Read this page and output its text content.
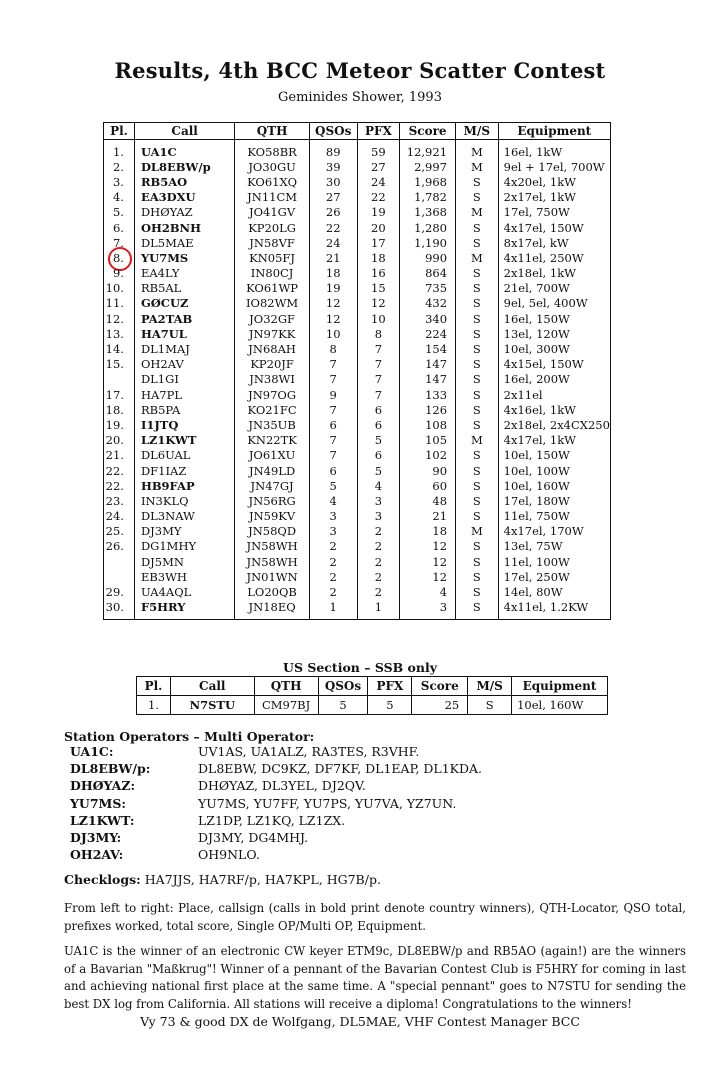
Results, 4th BCC Meteor Scatter Contest
Geminides Shower, 1993
Pl.	Call	QTH	QSOs	PFX	Score	M/S	Equipment
1.	UA1C	KO58BR	89	59	12,921	M	16el, 1kW
2.	DL8EBW/p	JO30GU	39	27	2,997	M	9el + 17el, 700W
3.	RB5AO	KO61XQ	30	24	1,968	S	4x20el, 1kW
4.	EA3DXU	JN11CM	27	22	1,782	S	2x17el, 1kW
5.	DHØYAZ	JO41GV	26	19	1,368	M	17el, 750W
6.	OH2BNH	KP20LG	22	20	1,280	S	4x17el, 150W
7.	DL5MAE	JN58VF	24	17	1,190	S	8x17el, kW
8.	YU7MS	KN05FJ	21	18	990	M	4x11el, 250W
9.	EA4LY	IN80CJ	18	16	864	S	2x18el, 1kW
10.	RB5AL	KO61WP	19	15	735	S	21el, 700W
11.	GØCUZ	IO82WM	12	12	432	S	9el, 5el, 400W
12.	PA2TAB	JO32GF	12	10	340	S	16el, 150W
13.	HA7UL	JN97KK	10	8	224	S	13el, 120W
14.	DL1MAJ	JN68AH	8	7	154	S	10el, 300W
15.	OH2AV	KP20JF	7	7	147	S	4x15el, 150W
	DL1GI	JN38WI	7	7	147	S	16el, 200W
17.	HA7PL	JN97OG	9	7	133	S	2x11el
18.	RB5PA	KO21FC	7	6	126	S	4x16el, 1kW
19.	I1JTQ	JN35UB	6	6	108	S	2x18el, 2x4CX250
20.	LZ1KWT	KN22TK	7	5	105	M	4x17el, 1kW
21.	DL6UAL	JO61XU	7	6	102	S	10el, 150W
22.	DF1IAZ	JN49LD	6	5	90	S	10el, 100W
22.	HB9FAP	JN47GJ	5	4	60	S	10el, 160W
23.	IN3KLQ	JN56RG	4	3	48	S	17el, 180W
24.	DL3NAW	JN59KV	3	3	21	S	11el, 750W
25.	DJ3MY	JN58QD	3	2	18	M	4x17el, 170W
26.	DG1MHY	JN58WH	2	2	12	S	13el, 75W
	DJ5MN	JN58WH	2	2	12	S	11el, 100W
	EB3WH	JN01WN	2	2	12	S	17el, 250W
29.	UA4AQL	LO20QB	2	2	4	S	14el, 80W
30.	F5HRY	JN18EQ	1	1	3	S	4x11el, 1.2KW
US Section – SSB only
Pl.	Call	QTH	QSOs	PFX	Score	M/S	Equipment
1.	N7STU	CM97BJ	5	5	25	S	10el, 160W
Station Operators – Multi Operator:
UA1C:	UV1AS, UA1ALZ, RA3TES, R3VHF.
DL8EBW/p:	DL8EBW, DC9KZ, DF7KF, DL1EAP, DL1KDA.
DHØYAZ:	DHØYAZ, DL3YEL, DJ2QV.
YU7MS:	YU7MS, YU7FF, YU7PS, YU7VA, YZ7UN.
LZ1KWT:	LZ1DP, LZ1KQ, LZ1ZX.
DJ3MY:	DJ3MY, DG4MHJ.
OH2AV:	OH9NLO.
Checklogs: HA7JJS, HA7RF/p, HA7KPL, HG7B/p.
From left to right: Place, callsign (calls in bold print denote country winners), QTH-Locator, QSO total, prefixes worked, total score, Single OP/Multi OP, Equipment.
UA1C is the winner of an electronic CW keyer ETM9c, DL8EBW/p and RB5AO (again!) are the winners of a Bavarian "Maßkrug"! Winner of a pennant of the Bavarian Contest Club is F5HRY for coming in last and achieving national first place at the same time. A "special pennant" goes to N7STU for sending the best DX log from California. All stations will receive a diploma! Congratulations to the winners!
Vy 73 & good DX de Wolfgang, DL5MAE, VHF Contest Manager BCC
